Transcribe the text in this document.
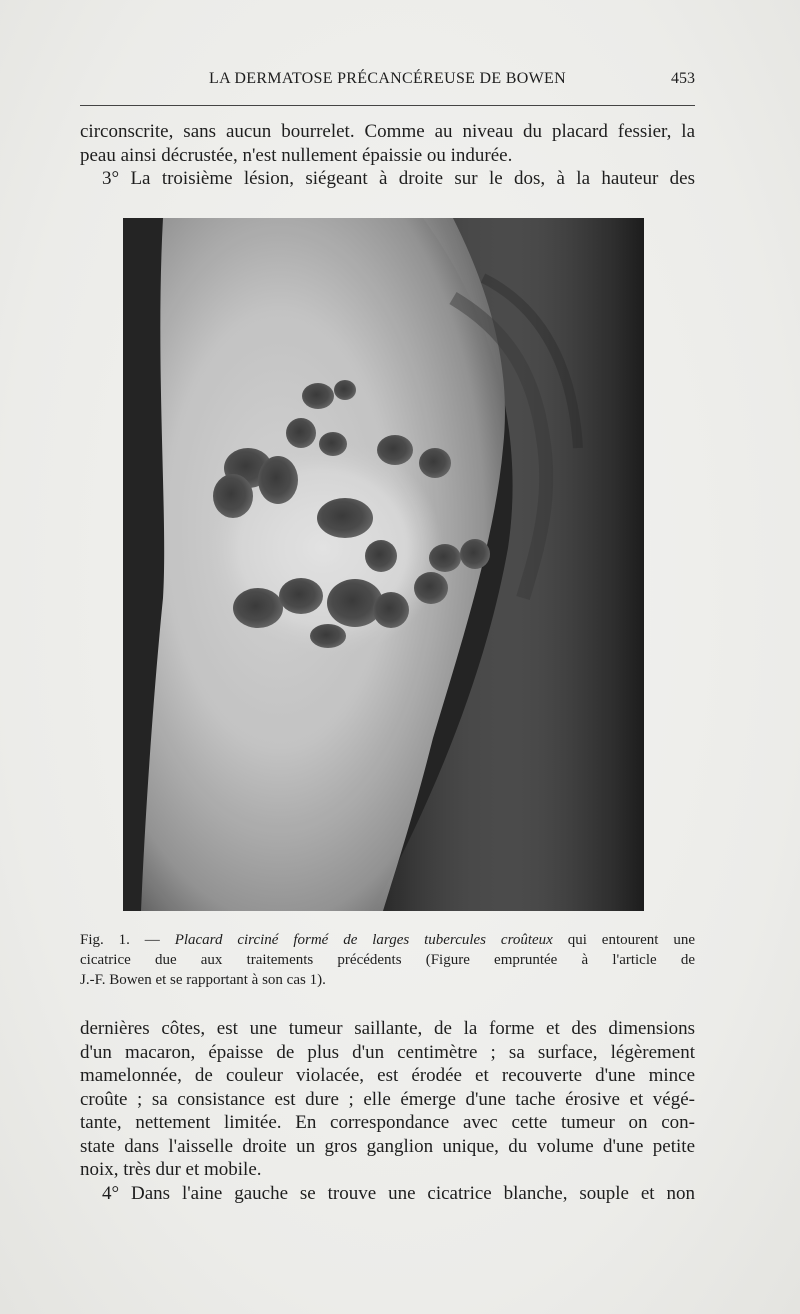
LA DERMATOSE PRÉCANCÉREUSE DE BOWEN	453
circonscrite, sans aucun bourrelet. Comme au niveau du placard fessier, la
peau ainsi décrustée, n'est nullement épaissie ou indurée.
3° La troisième lésion, siégeant à droite sur le dos, à la hauteur des

Fig. 1. — Placard circiné formé de larges tubercules croûteux qui entourent une
cicatrice due aux traitements précédents (Figure empruntée à l'article de
J.-F. Bowen et se rapportant à son cas 1).

dernières côtes, est une tumeur saillante, de la forme et des dimensions
d'un macaron, épaisse de plus d'un centimètre ; sa surface, légèrement
mamelonnée, de couleur violacée, est érodée et recouverte d'une mince
croûte ; sa consistance est dure ; elle émerge d'une tache érosive et végé-
tante, nettement limitée. En correspondance avec cette tumeur on con-
state dans l'aisselle droite un gros ganglion unique, du volume d'une petite
noix, très dur et mobile.
4° Dans l'aine gauche se trouve une cicatrice blanche, souple et non
